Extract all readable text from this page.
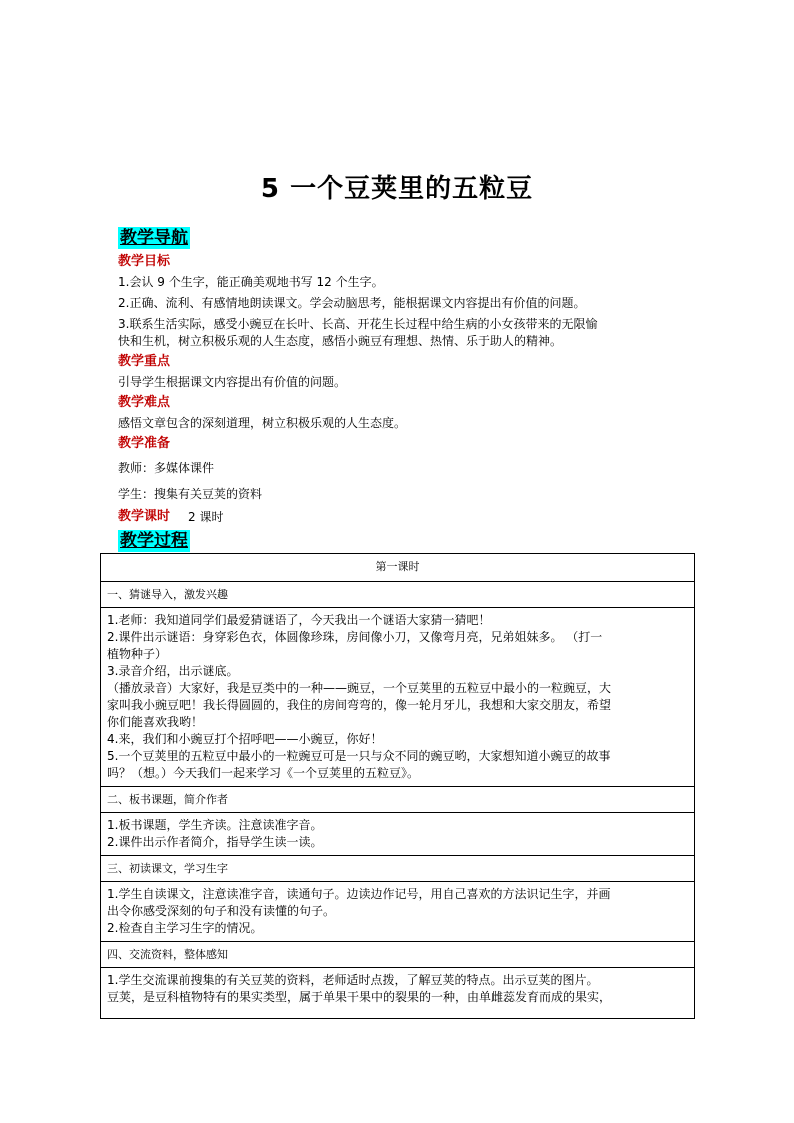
5 一个豆荚里的五粒豆
教学导航
教学目标
1.会认 9 个生字，能正确美观地书写 12 个生字。
2.正确、流利、有感情地朗读课文。学会动脑思考，能根据课文内容提出有价值的问题。
3.联系生活实际，感受小豌豆在长叶、长高、开花生长过程中给生病的小女孩带来的无限愉
快和生机，树立积极乐观的人生态度，感悟小豌豆有理想、热情、乐于助人的精神。
教学重点
引导学生根据课文内容提出有价值的问题。
教学难点
感悟文章包含的深刻道理，树立积极乐观的人生态度。
教学准备
教师：多媒体课件
学生：搜集有关豆荚的资料
教学课时 2 课时
教学过程
第一课时
一、猜谜导入，激发兴趣

1.老师：我知道同学们最爱猜谜语了，今天我出一个谜语大家猜一猜吧！

2.课件出示谜语：身穿彩色衣，体圆像珍珠，房间像小刀，又像弯月亮，兄弟姐妹多。 （打一

植物种子）

3.录音介绍，出示谜底。

（播放录音）大家好，我是豆类中的一种——豌豆，一个豆荚里的五粒豆中最小的一粒豌豆，大

家叫我小豌豆吧！我长得圆圆的，我住的房间弯弯的，像一轮月牙儿，我想和大家交朋友，希望

你们能喜欢我哟！

4.来，我们和小豌豆打个招呼吧——小豌豆，你好！

5.一个豆荚里的五粒豆中最小的一粒豌豆可是一只与众不同的豌豆哟，大家想知道小豌豆的故事

吗？（想。）今天我们一起来学习《一个豆荚里的五粒豆》。

二、板书课题，简介作者

1.板书课题，学生齐读。注意读准字音。

2.课件出示作者简介，指导学生读一读。

三、初读课文，学习生字

1.学生自读课文，注意读准字音，读通句子。边读边作记号，用自己喜欢的方法识记生字，并画

出令你感受深刻的句子和没有读懂的句子。

2.检查自主学习生字的情况。

四、交流资料，整体感知

1.学生交流课前搜集的有关豆荚的资料，老师适时点拨，了解豆荚的特点。出示豆荚的图片。

豆荚，是豆科植物特有的果实类型，属于单果干果中的裂果的一种，由单雌蕊发育而成的果实，
